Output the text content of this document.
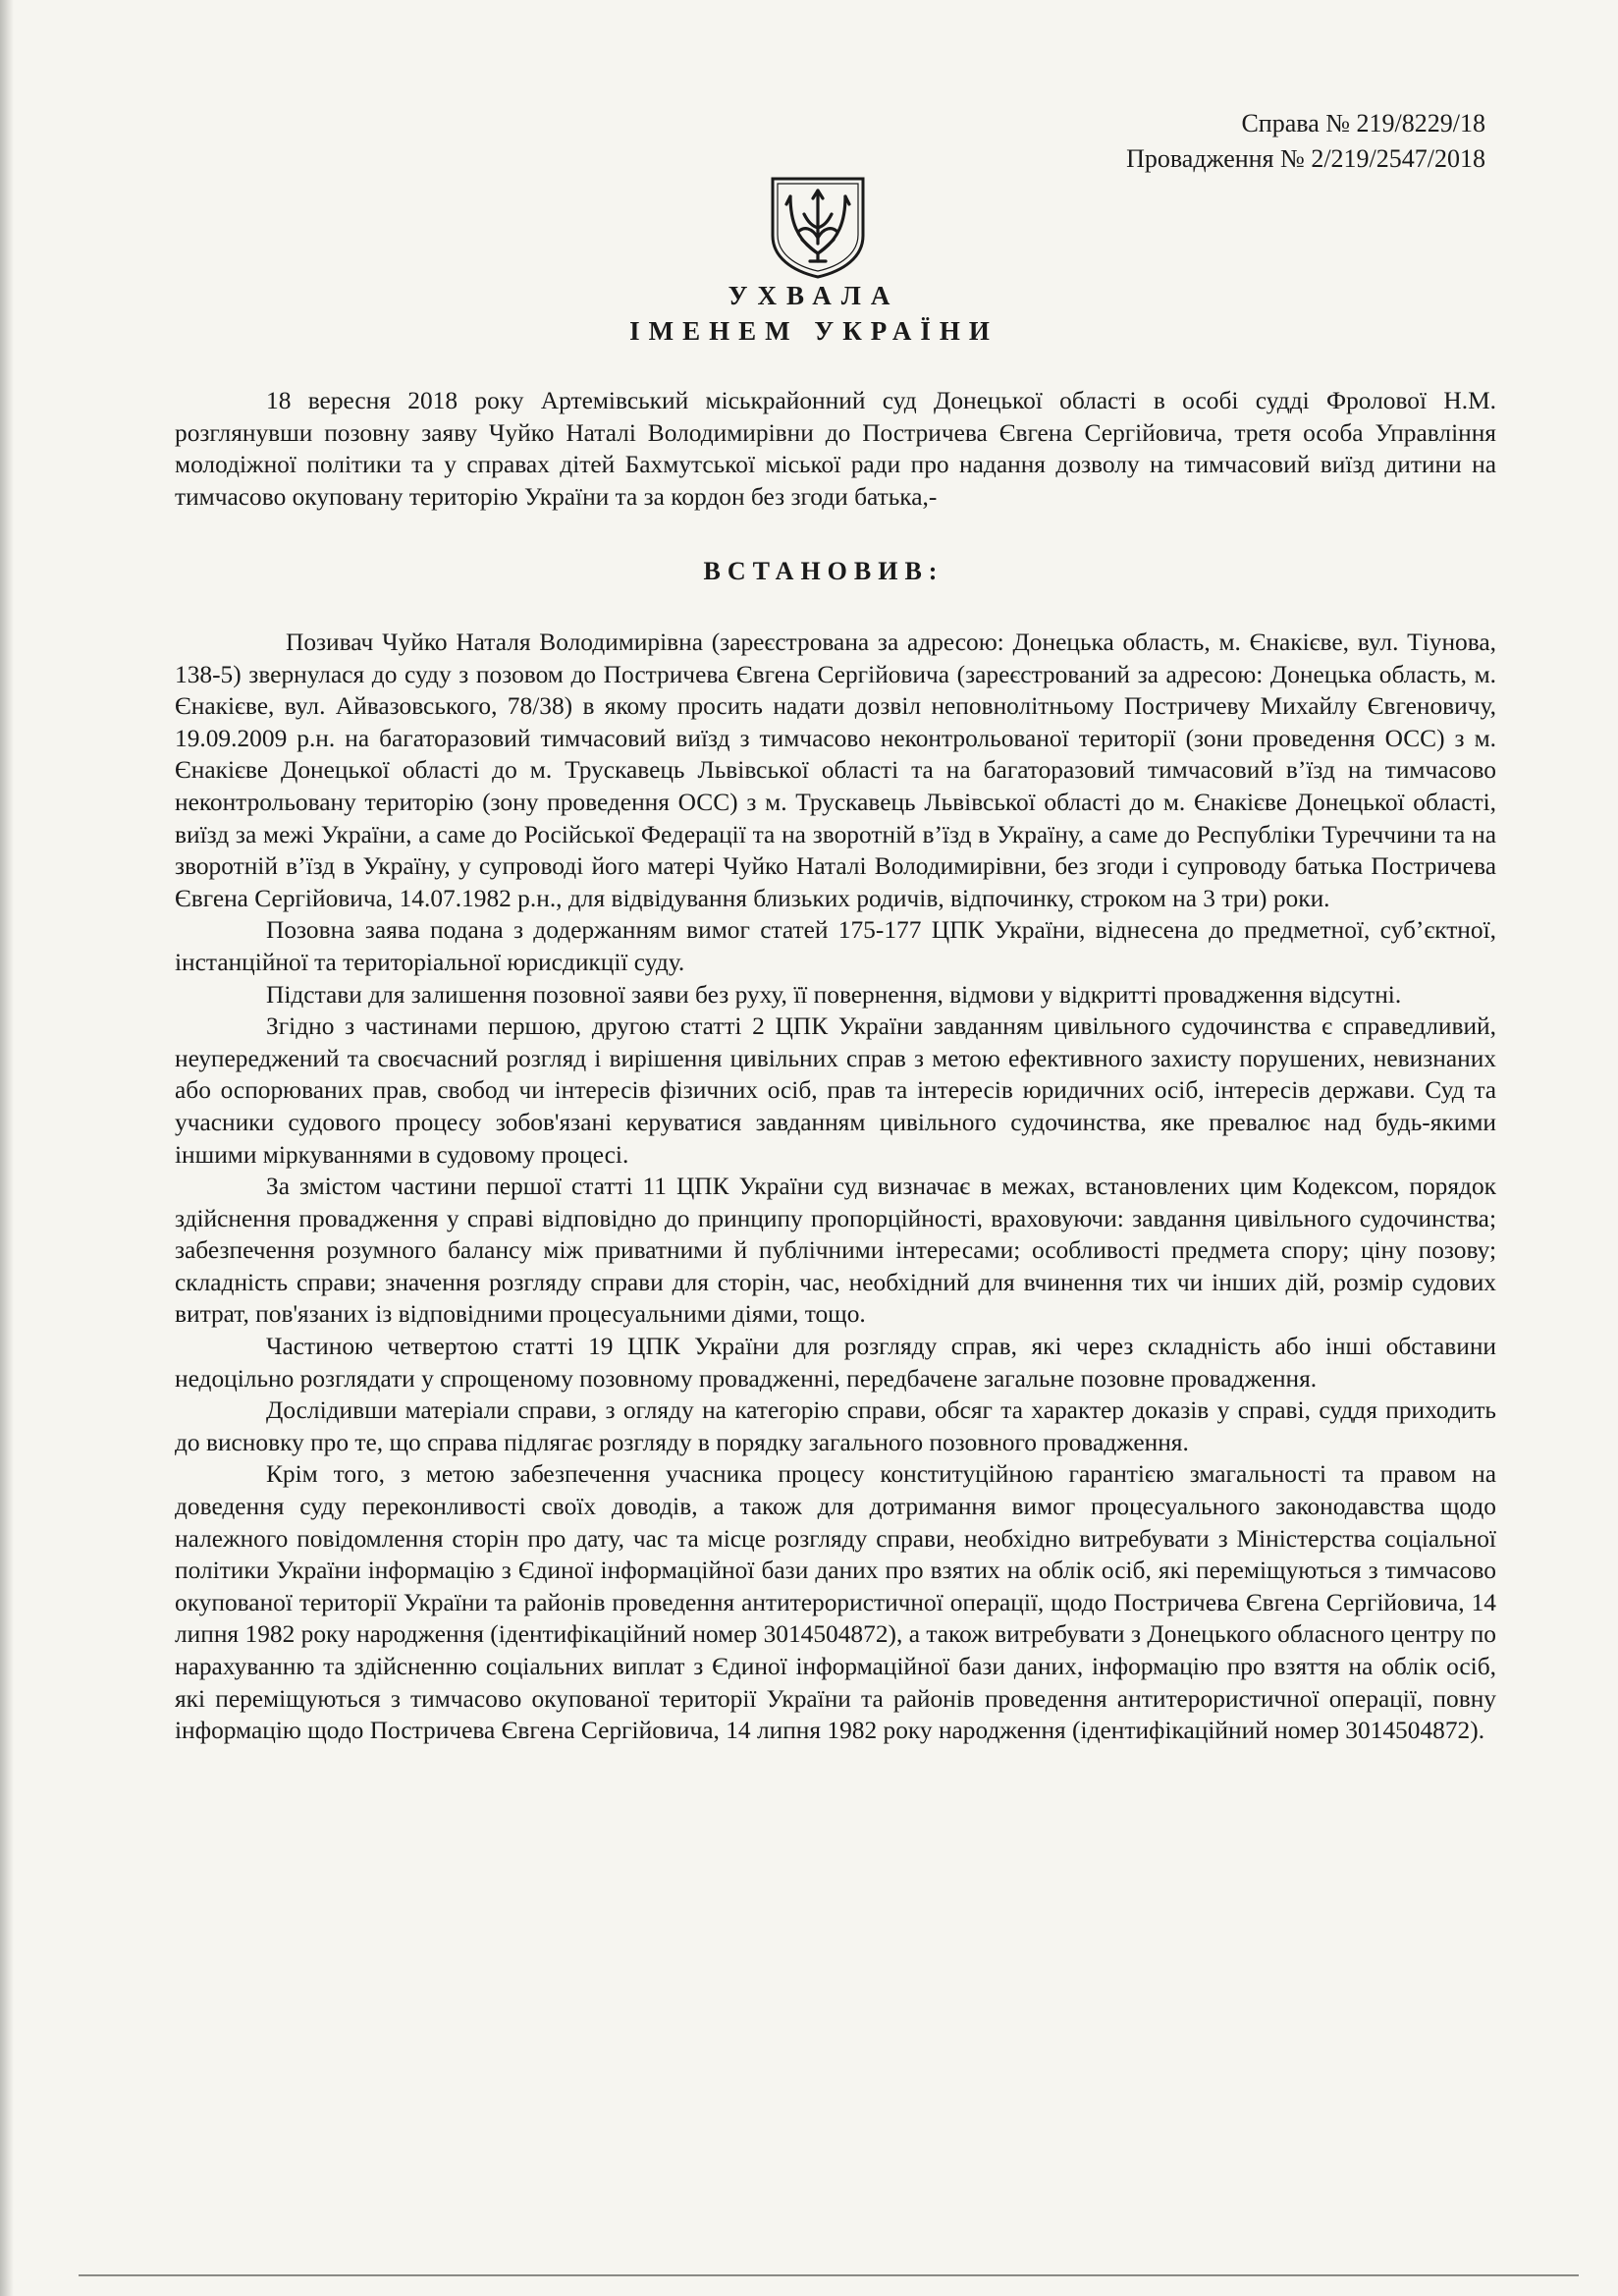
Справа № 219/8229/18
Провадження № 2/219/2547/2018
УХВАЛА
ІМЕНЕМ УКРАЇНИ
18 вересня 2018 року Артемівський міськрайонний суд Донецької області в особі судді Фролової Н.М. розглянувши позовну заяву Чуйко Наталі Володимирівни до Постричева Євгена Сергійовича, третя особа Управління молодіжної політики та у справах дітей Бахмутської міської ради про надання дозволу на тимчасовий виїзд дитини на тимчасово окуповану територію України та за кордон без згоди батька,-
ВСТАНОВИВ:

Позивач Чуйко Наталя Володимирівна (зареєстрована за адресою: Донецька область, м. Єнакієве, вул. Тіунова, 138-5) звернулася до суду з позовом до Постричева Євгена Сергійовича (зареєстрований за адресою: Донецька область, м. Єнакієве, вул. Айвазовського, 78/38) в якому просить надати дозвіл неповнолітньому Постричеву Михайлу Євгеновичу, 19.09.2009 р.н. на багаторазовий тимчасовий виїзд з тимчасово неконтрольованої території (зони проведення ОСС) з м. Єнакієве Донецької області до м. Трускавець Львівської області та на багаторазовий тимчасовий в’їзд на тимчасово неконтрольовану територію (зону проведення ОСС) з м. Трускавець Львівської області до м. Єнакієве Донецької області, виїзд за межі України, а саме до Російської Федерації та на зворотній в’їзд в Україну, а саме до Республіки Туреччини та на зворотній в’їзд в Україну, у супроводі його матері Чуйко Наталі Володимирівни, без згоди і супроводу батька Постричева Євгена Сергійовича, 14.07.1982 р.н., для відвідування близьких родичів, відпочинку, строком на 3 три) роки.

Позовна заява подана з додержанням вимог статей 175-177 ЦПК України, віднесена до предметної, суб’єктної, інстанційної та територіальної юрисдикції суду.

Підстави для залишення позовної заяви без руху, її повернення, відмови у відкритті провадження відсутні.

Згідно з частинами першою, другою статті 2 ЦПК України завданням цивільного судочинства є справедливий, неупереджений та своєчасний розгляд і вирішення цивільних справ з метою ефективного захисту порушених, невизнаних або оспорюваних прав, свобод чи інтересів фізичних осіб, прав та інтересів юридичних осіб, інтересів держави. Суд та учасники судового процесу зобов'язані керуватися завданням цивільного судочинства, яке превалює над будь-якими іншими міркуваннями в судовому процесі.

За змістом частини першої статті 11 ЦПК України суд визначає в межах, встановлених цим Кодексом, порядок здійснення провадження у справі відповідно до принципу пропорційності, враховуючи: завдання цивільного судочинства; забезпечення розумного балансу між приватними й публічними інтересами; особливості предмета спору; ціну позову; складність справи; значення розгляду справи для сторін, час, необхідний для вчинення тих чи інших дій, розмір судових витрат, пов'язаних із відповідними процесуальними діями, тощо.

Частиною четвертою статті 19 ЦПК України для розгляду справ, які через складність або інші обставини недоцільно розглядати у спрощеному позовному провадженні, передбачене загальне позовне провадження.

Дослідивши матеріали справи, з огляду на категорію справи, обсяг та характер доказів у справі, суддя приходить до висновку про те, що справа підлягає розгляду в порядку загального позовного провадження.

Крім того, з метою забезпечення учасника процесу конституційною гарантією змагальності та правом на доведення суду переконливості своїх доводів, а також для дотримання вимог процесуального законодавства щодо належного повідомлення сторін про дату, час та місце розгляду справи, необхідно витребувати з Міністерства соціальної політики України інформацію з Єдиної інформаційної бази даних про взятих на облік осіб, які переміщуються з тимчасово окупованої території України та районів проведення антитерористичної операції, щодо Постричева Євгена Сергійовича, 14 липня 1982 року народження (ідентифікаційний номер 3014504872), а також витребувати з Донецького обласного центру по нарахуванню та здійсненню соціальних виплат з Єдиної інформаційної бази даних, інформацію про взяття на облік осіб, які переміщуються з тимчасово окупованої території України та районів проведення антитерористичної операції, повну інформацію щодо Постричева Євгена Сергійовича, 14 липня 1982 року народження (ідентифікаційний номер 3014504872).
